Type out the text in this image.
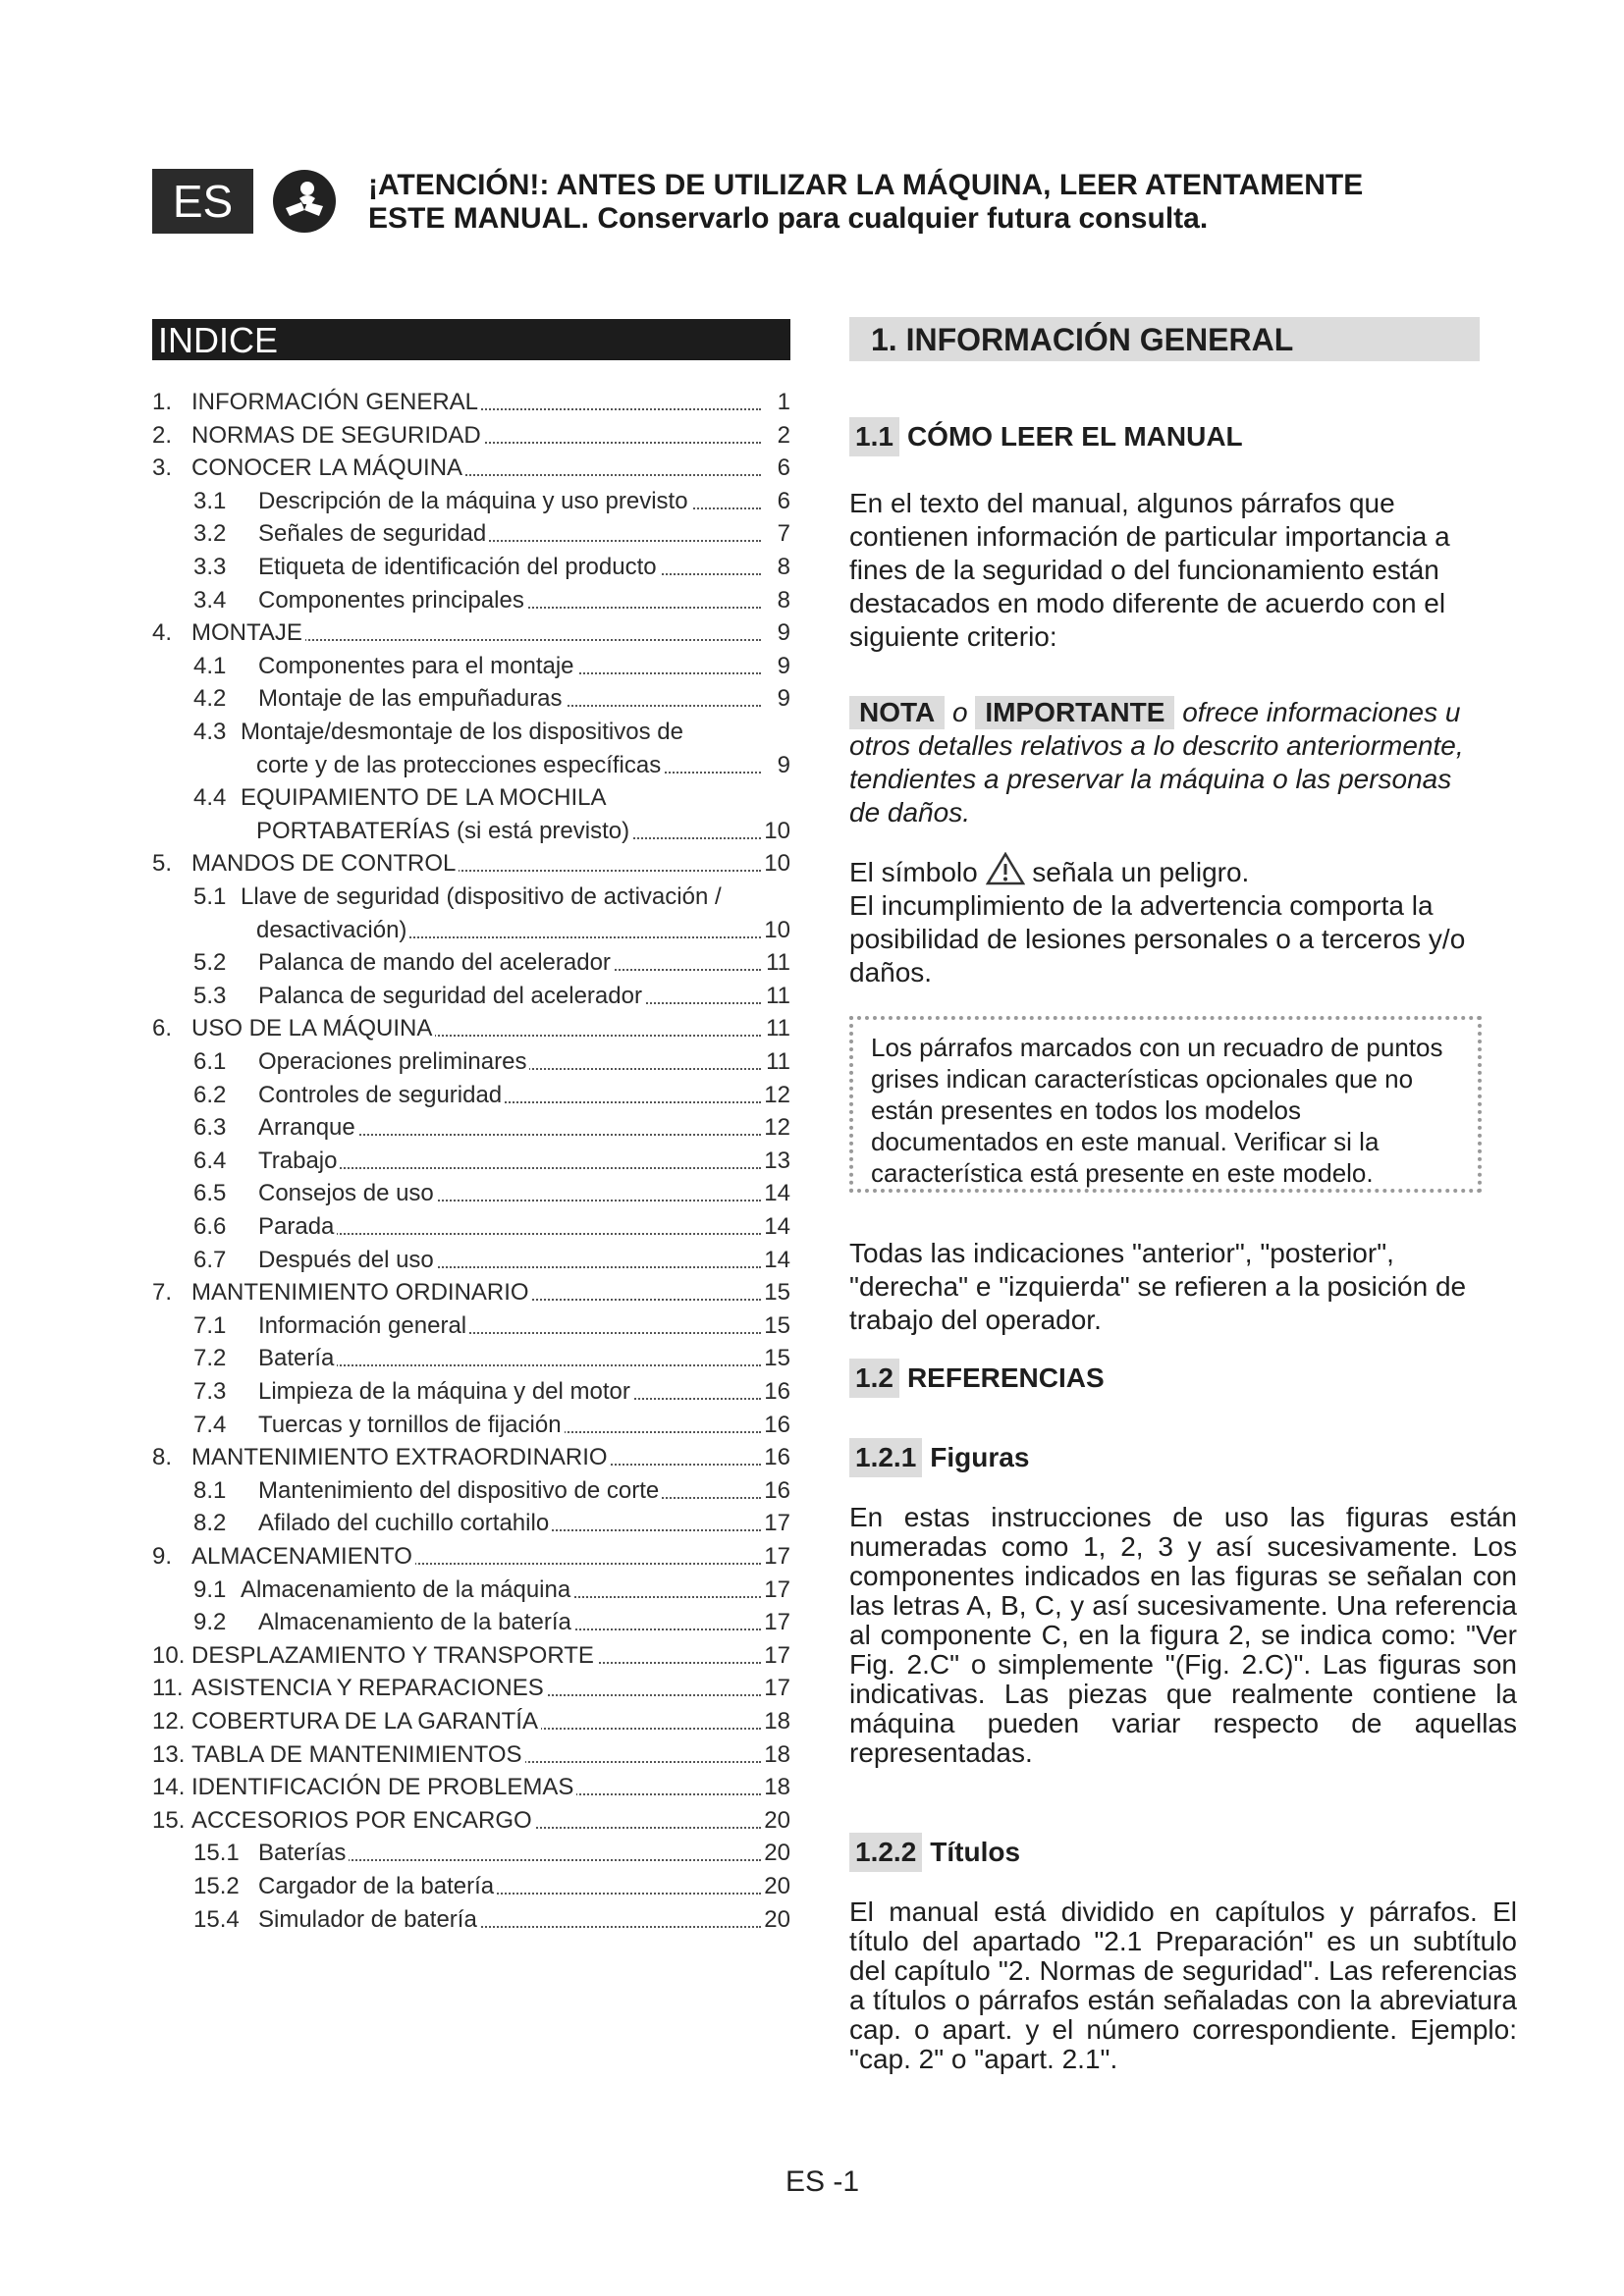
ES	¡ATENCIÓN!: ANTES DE UTILIZAR LA MÁQUINA, LEER ATENTAMENTE
ESTE MANUAL. Conservarlo para cualquier futura consulta.
INDICE
1. INFORMACIÓN GENERAL	1
2. NORMAS DE SEGURIDAD	2
3. CONOCER LA MÁQUINA	6
3.1 Descripción de la máquina y uso previsto	6
3.2 Señales de seguridad	7
3.3 Etiqueta de identificación del producto	8
3.4 Componentes principales	8
4. MONTAJE	9
4.1 Componentes para el montaje	9
4.2 Montaje de las empuñaduras	9
4.3 Montaje/desmontaje de los dispositivos de
corte y de las protecciones específicas	9
4.4 EQUIPAMIENTO DE LA MOCHILA
PORTABATERÍAS (si está previsto)	10
5. MANDOS DE CONTROL	10
5.1 Llave de seguridad (dispositivo de activación /
desactivación)	10
5.2 Palanca de mando del acelerador	11
5.3 Palanca de seguridad del acelerador	11
6. USO DE LA MÁQUINA	11
6.1 Operaciones preliminares	11
6.2 Controles de seguridad	12
6.3 Arranque	12
6.4 Trabajo	13
6.5 Consejos de uso	14
6.6 Parada	14
6.7 Después del uso	14
7. MANTENIMIENTO ORDINARIO	15
7.1 Información general	15
7.2 Batería	15
7.3 Limpieza de la máquina y del motor	16
7.4 Tuercas y tornillos de fijación	16
8. MANTENIMIENTO EXTRAORDINARIO	16
8.1 Mantenimiento del dispositivo de corte	16
8.2 Afilado del cuchillo cortahilo	17
9. ALMACENAMIENTO	17
9.1 Almacenamiento de la máquina	17
9.2 Almacenamiento de la batería	17
10. DESPLAZAMIENTO Y TRANSPORTE	17
11. ASISTENCIA Y REPARACIONES	17
12. COBERTURA DE LA GARANTÍA	18
13. TABLA DE MANTENIMIENTOS	18
14. IDENTIFICACIÓN DE PROBLEMAS	18
15. ACCESORIOS POR ENCARGO	20
15.1 Baterías	20
15.2 Cargador de la batería	20
15.4 Simulador de batería	20
1. INFORMACIÓN GENERAL
1.1 CÓMO LEER EL MANUAL
En el texto del manual, algunos párrafos que contienen información de particular importancia a fines de la seguridad o del funcionamiento están destacados en modo diferente de acuerdo con el siguiente criterio:
NOTA o IMPORTANTE ofrece informaciones u otros detalles relativos a lo descrito anteriormente, tendientes a preservar la máquina o las personas de daños.
El símbolo señala un peligro.
El incumplimiento de la advertencia comporta la posibilidad de lesiones personales o a terceros y/o daños.
Los párrafos marcados con un recuadro de puntos grises indican características opcionales que no están presentes en todos los modelos documentados en este manual. Verificar si la característica está presente en este modelo.
Todas las indicaciones "anterior", "posterior", "derecha" e "izquierda" se refieren a la posición de trabajo del operador.
1.2 REFERENCIAS
1.2.1 Figuras
En estas instrucciones de uso las figuras están numeradas como 1, 2, 3 y así sucesivamente. Los componentes indicados en las figuras se señalan con las letras A, B, C, y así sucesivamente. Una referencia al componente C, en la figura 2, se indica como: "Ver Fig. 2.C" o simplemente "(Fig. 2.C)". Las figuras son indicativas. Las piezas que realmente contiene la máquina pueden variar respecto de aquellas representadas.
1.2.2 Títulos
El manual está dividido en capítulos y párrafos. El título del apartado "2.1 Preparación" es un subtítulo del capítulo "2. Normas de seguridad". Las referencias a títulos o párrafos están señaladas con la abreviatura cap. o apart. y el número correspondiente. Ejemplo: "cap. 2" o "apart. 2.1".
ES -1
